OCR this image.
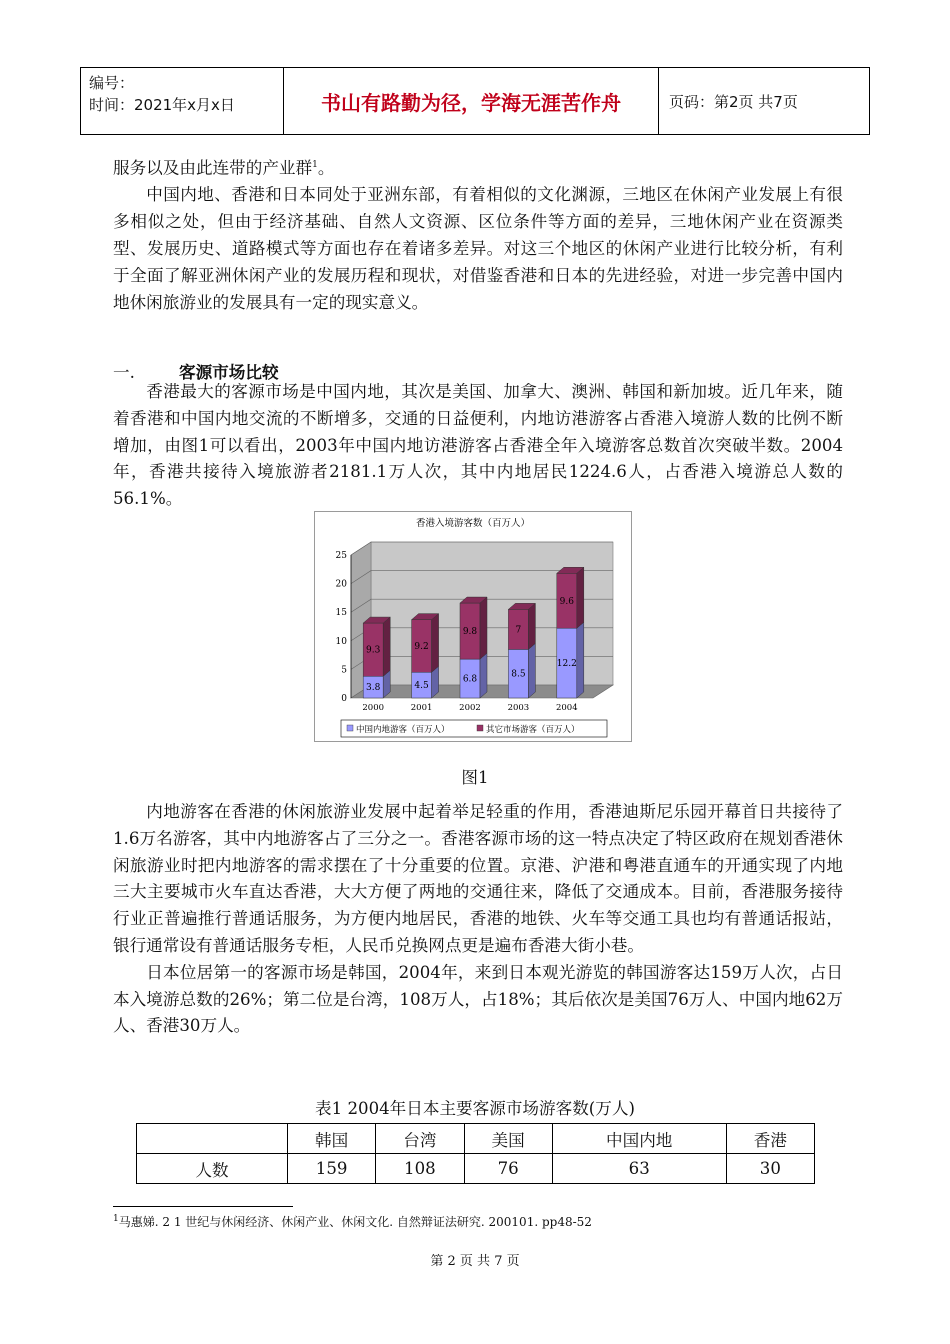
编号：
时间：2021年x月x日	书山有路勤为径，学海无涯苦作舟	页码：第2页 共7页

服务以及由此连带的产业群$^1$。

中国内地、香港和日本同处于亚洲东部，有着相似的文化渊源，三地区在休闲产业发展上有很多相似之处，但由于经济基础、自然人文资源、区位条件等方面的差异，三地休闲产业在资源类型、发展历史、道路模式等方面也存在着诸多差异。对这三个地区的休闲产业进行比较分析，有利于全面了解亚洲休闲产业的发展历程和现状，对借鉴香港和日本的先进经验，对进一步完善中国内地休闲旅游业的发展具有一定的现实意义。

一.	客源市场比较

香港最大的客源市场是中国内地，其次是美国、加拿大、澳洲、韩国和新加坡。近几年来，随着香港和中国内地交流的不断增多，交通的日益便利，内地访港游客占香港入境游人数的比例不断增加，由图1可以看出，2003年中国内地访港游客占香港全年入境游客总数首次突破半数。2004年，香港共接待入境旅游者2181.1万人次，其中内地居民1224.6人，占香港入境游总人数的56.1%。

香港入境游客数（百万人）
0
5
10
15
20
25
3.8
9.3
2000
4.5
9.2
2001
6.8
9.8
2002
8.5
7
2003
12.2
9.6
2004
中国内地游客（百万人）	其它市场游客（百万人）
图1

内地游客在香港的休闲旅游业发展中起着举足轻重的作用，香港迪斯尼乐园开幕首日共接待了1.6万名游客，其中内地游客占了三分之一。香港客源市场的这一特点决定了特区政府在规划香港休闲旅游业时把内地游客的需求摆在了十分重要的位置。京港、沪港和粤港直通车的开通实现了内地三大主要城市火车直达香港，大大方便了两地的交通往来，降低了交通成本。目前，香港服务接待行业正普遍推行普通话服务，为方便内地居民，香港的地铁、火车等交通工具也均有普通话报站，银行通常设有普通话服务专柜，人民币兑换网点更是遍布香港大街小巷。

日本位居第一的客源市场是韩国，2004年，来到日本观光游览的韩国游客达159万人次，占日本入境游总数的26%；第二位是台湾，108万人，占18%；其后依次是美国76万人、中国内地62万人、香港30万人。

表1 2004年日本主要客源市场游客数(万人)
	韩国	台湾	美国	中国内地	香港
人数	159	108	76	63	30
$^1$马惠娣. 2 1 世纪与休闲经济、休闲产业、休闲文化. 自然辩证法研究. 200101. pp48-52
第 2 页 共 7 页
